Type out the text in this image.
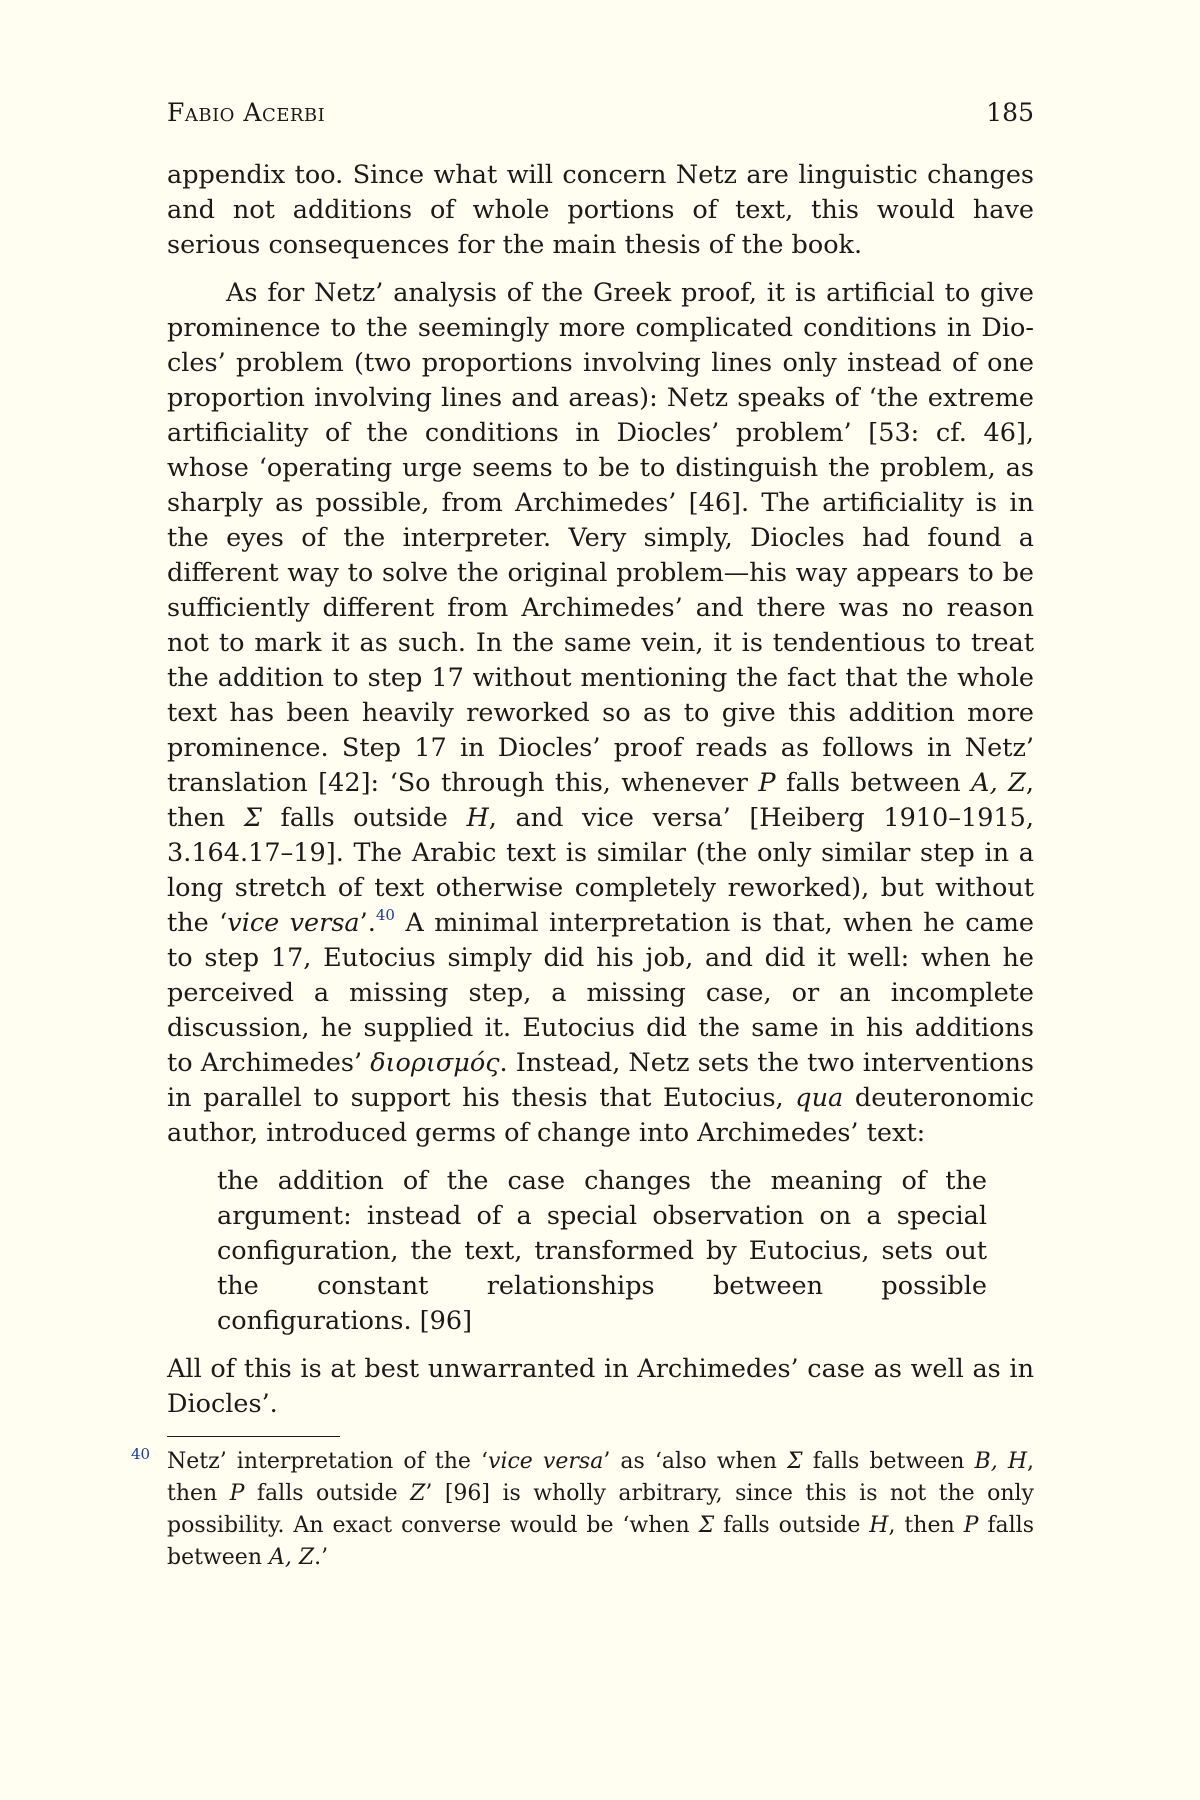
Fabio Acerbi	185

appendix too. Since what will concern Netz are linguistic changes and not additions of whole portions of text, this would have serious consequences for the main thesis of the book.

As for Netz’ analysis of the Greek proof, it is artificial to give prominence to the seemingly more complicated conditions in Diocles’ problem (two proportions involving lines only instead of one proportion involving lines and areas): Netz speaks of ‘the extreme artificiality of the conditions in Diocles’ problem’ [53: cf. 46], whose ‘operating urge seems to be to distinguish the problem, as sharply as possible, from Archimedes’ [46]. The artificiality is in the eyes of the interpreter. Very simply, Diocles had found a different way to solve the original problem—his way appears to be sufficiently different from Archimedes’ and there was no reason not to mark it as such. In the same vein, it is tendentious to treat the addition to step 17 without mentioning the fact that the whole text has been heavily reworked so as to give this addition more prominence. Step 17 in Diocles’ proof reads as follows in Netz’ translation [42]: ‘So through this, whenever P falls between A, Z, then Σ falls outside H, and vice versa’ [Heiberg 1910–1915, 3.164.17–19]. The Arabic text is similar (the only similar step in a long stretch of text otherwise completely reworked), but without the ‘vice versa’.$^{40}$ A minimal interpretation is that, when he came to step 17, Eutocius simply did his job, and did it well: when he perceived a missing step, a missing case, or an incomplete discussion, he supplied it. Eutocius did the same in his additions to Archimedes’ διορισμός. Instead, Netz sets the two interventions in parallel to support his thesis that Eutocius, qua deuteronomic author, introduced germs of change into Archimedes’ text:

the addition of the case changes the meaning of the argument: instead of a special observation on a special configuration, the text, transformed by Eutocius, sets out the constant relationships between possible configurations. [96]

All of this is at best unwarranted in Archimedes’ case as well as in Diocles’.

40 Netz’ interpretation of the ‘vice versa’ as ‘also when Σ falls between B, H, then P falls outside Z’ [96] is wholly arbitrary, since this is not the only possibility. An exact converse would be ‘when Σ falls outside H, then P falls between A, Z.’
